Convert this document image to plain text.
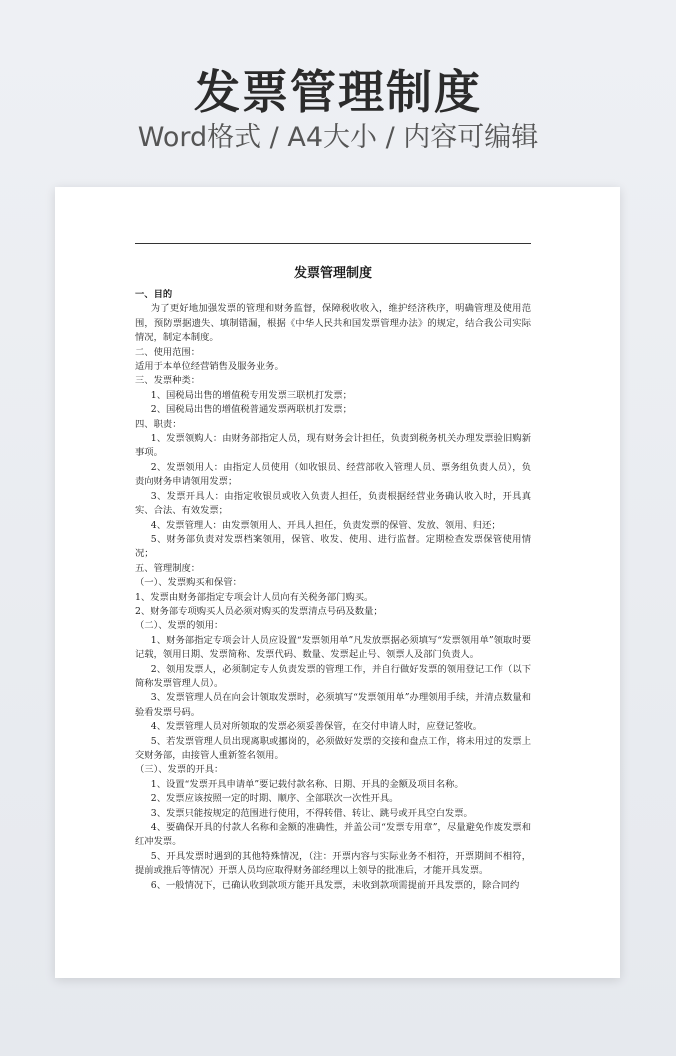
发票管理制度
Word格式 / A4大小 / 内容可编辑
发票管理制度

一、目的

为了更好地加强发票的管理和财务监督，保障税收收入，维护经济秩序，明确管理及使用范围，预防票据遗失、填制错漏，根据《中华人民共和国发票管理办法》的规定，结合我公司实际情况，制定本制度。

二、使用范围：

适用于本单位经营销售及服务业务。

三、发票种类：

1、国税局出售的增值税专用发票三联机打发票；

2、国税局出售的增值税普通发票两联机打发票；

四、职责：

1、发票领购人：由财务部指定人员，现有财务会计担任，负责到税务机关办理发票验旧购新事项。

2、发票领用人：由指定人员使用（如收银员、经营部收入管理人员、票务组负责人员），负责向财务申请领用发票；

3、发票开具人：由指定收银员或收入负责人担任，负责根据经营业务确认收入时，开具真实、合法、有效发票；

4、发票管理人：由发票领用人、开具人担任，负责发票的保管、发放、领用、归还；

5、财务部负责对发票档案领用，保管、收发、使用、进行监督。定期检查发票保管使用情况；

五、管理制度：

（一）、发票购买和保管：

1、发票由财务部指定专项会计人员向有关税务部门购买。

2、财务部专项购买人员必须对购买的发票清点号码及数量；

（二）、发票的领用：

1、财务部指定专项会计人员应设置“发票领用单”凡发放票据必须填写“发票领用单”领取时要记载，领用日期、发票简称、发票代码、数量、发票起止号、领票人及部门负责人。

2、领用发票人，必须制定专人负责发票的管理工作，并自行做好发票的领用登记工作（以下简称发票管理人员）。

3、发票管理人员在向会计领取发票时，必须填写“发票领用单”办理领用手续，并清点数量和验看发票号码。

4、发票管理人员对所领取的发票必须妥善保管，在交付申请人时，应登记签收。

5、若发票管理人员出现离职或挪岗的，必须做好发票的交接和盘点工作，将未用过的发票上交财务部，由接管人重新签名领用。

（三）、发票的开具：

1、设置“发票开具申请单”要记载付款名称、日期、开具的金额及项目名称。

2、发票应该按照一定的时期、顺序、全部联次一次性开具。

3、发票只能按规定的范围进行使用，不得转借、转让、跳号或开具空白发票。

4、要确保开具的付款人名称和金额的准确性，并盖公司“发票专用章”，尽量避免作废发票和红冲发票。

5、开具发票时遇到的其他特殊情况，（注：开票内容与实际业务不相符，开票期间不相符，提前或推后等情况）开票人员均应取得财务部经理以上领导的批准后，才能开具发票。

6、一般情况下，已确认收到款项方能开具发票，未收到款项需提前开具发票的，除合同约
